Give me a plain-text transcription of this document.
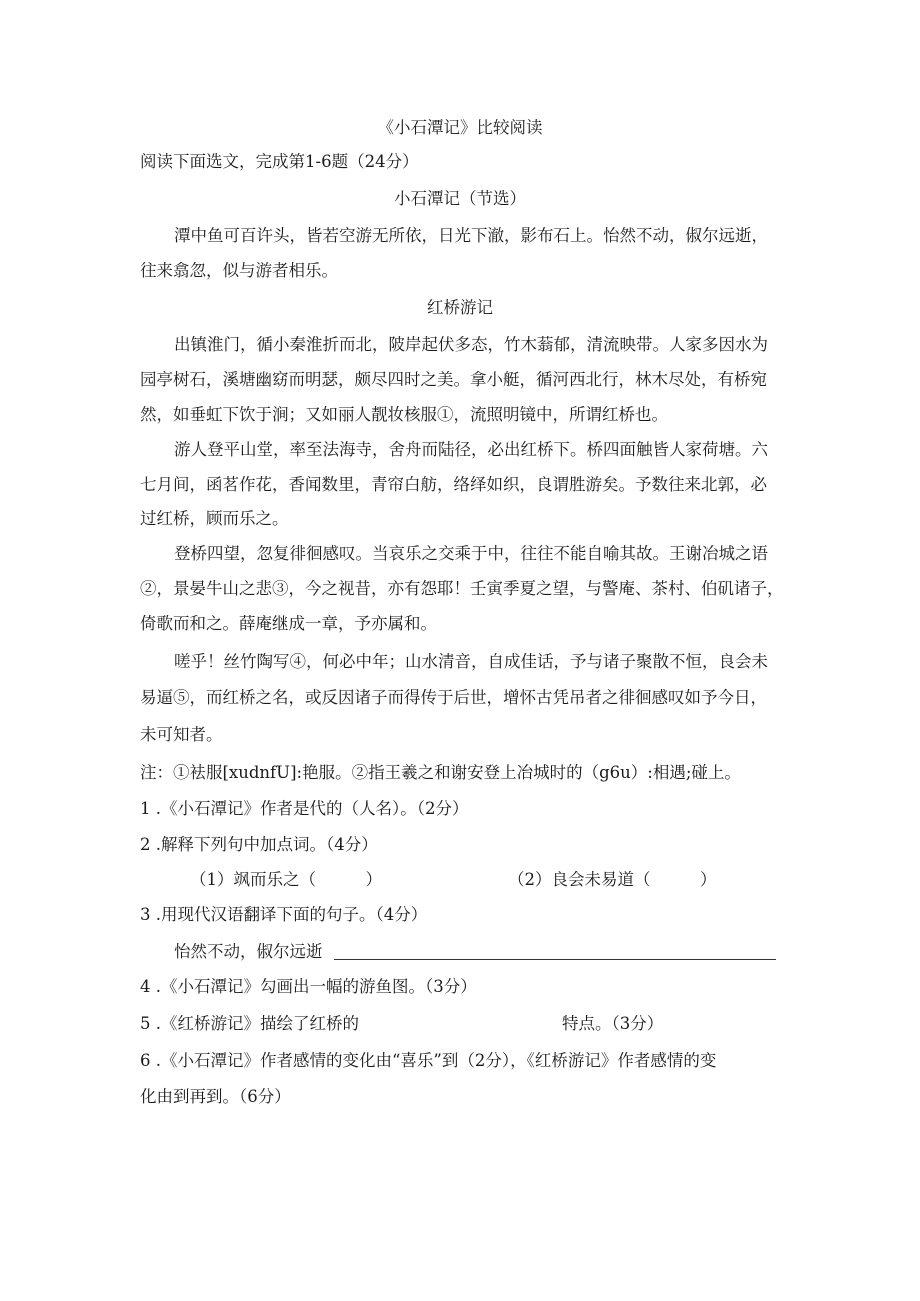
《小石潭记》比较阅读
阅读下面选文，完成第1-6题（24分）
小石潭记（节选）
潭中鱼可百许头，皆若空游无所依，日光下澈，影布石上。怡然不动，俶尔远逝，
往来翕忽，似与游者相乐。
红桥游记
出镇淮门，循小秦淮折而北，陂岸起伏多态，竹木蓊郁，清流映带。人家多因水为
园亭树石，溪塘幽窈而明瑟，颇尽四时之美。拿小艇，循河西北行，林木尽处，有桥宛
然，如垂虹下饮于涧；又如丽人靓妆核服①，流照明镜中，所谓红桥也。
游人登平山堂，率至法海寺，舍舟而陆径，必出红桥下。桥四面触皆人家荷塘。六
七月间，函茗作花，香闻数里，青帘白舫，络绎如织，良谓胜游矣。予数往来北郭，必
过红桥，顾而乐之。
登桥四望，忽复徘徊感叹。当哀乐之交乘于中，往往不能自喻其故。王谢冶城之语
②，景晏牛山之悲③，今之视昔，亦有怨耶！壬寅季夏之望，与警庵、茶村、伯矶诸子，
倚歌而和之。薛庵继成一章，予亦属和。
嗟乎！丝竹陶写④，何必中年；山水清音，自成佳话，予与诸子聚散不恒，良会未
易逼⑤，而红桥之名，或反因诸子而得传于后世，增怀古凭吊者之徘徊感叹如予今日，
未可知者。
注：①袪服[xudnfU]:艳服。②指王羲之和谢安登上冶城时的（g6u）:相遇;碰上。
1 .《小石潭记》作者是代的（人名）。（2分）
2 .解释下列句中加点词。（4分）
（1）飒而乐之（　　　）	（2）良会未易道（　　　）
3 .用现代汉语翻译下面的句子。（4分）
怡然不动，俶尔远逝
4 .《小石潭记》勾画出一幅的游鱼图。（3分）
5 .《红桥游记》描绘了红桥的	特点。（3分）
6 .《小石潭记》作者感情的变化由“喜乐”到（2分），《红桥游记》作者感情的变
化由到再到。（6分）
